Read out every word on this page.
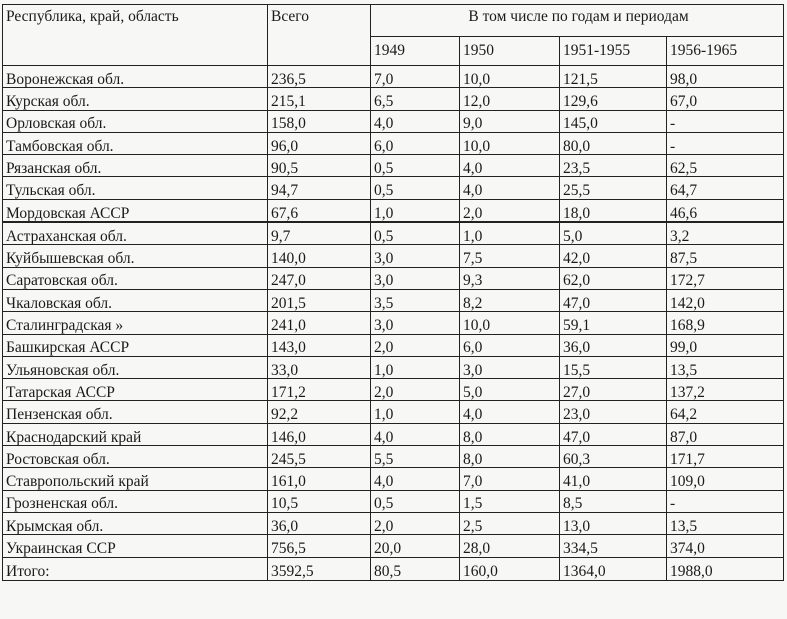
Республика, край, область	Всего	В том числе по годам и периодам			
		1949	1950	1951-1955	1956-1965
Воронежская обл.	236,5	7,0	10,0	121,5	98,0
Курская обл.	215,1	6,5	12,0	129,6	67,0
Орловская обл.	158,0	4,0	9,0	145,0	-
Тамбовская обл.	96,0	6,0	10,0	80,0	-
Рязанская обл.	90,5	0,5	4,0	23,5	62,5
Тульская обл.	94,7	0,5	4,0	25,5	64,7
Мордовская АССР	67,6	1,0	2,0	18,0	46,6
Астраханская обл.	9,7	0,5	1,0	5,0	3,2
Куйбышевская обл.	140,0	3,0	7,5	42,0	87,5
Саратовская обл.	247,0	3,0	9,3	62,0	172,7
Чкаловская обл.	201,5	3,5	8,2	47,0	142,0
Сталинградская »	241,0	3,0	10,0	59,1	168,9
Башкирская АССР	143,0	2,0	6,0	36,0	99,0
Ульяновская обл.	33,0	1,0	3,0	15,5	13,5
Татарская АССР	171,2	2,0	5,0	27,0	137,2
Пензенская обл.	92,2	1,0	4,0	23,0	64,2
Краснодарский край	146,0	4,0	8,0	47,0	87,0
Ростовская обл.	245,5	5,5	8,0	60,3	171,7
Ставропольский край	161,0	4,0	7,0	41,0	109,0
Грозненская обл.	10,5	0,5	1,5	8,5	-
Крымская обл.	36,0	2,0	2,5	13,0	13,5
Украинская ССР	756,5	20,0	28,0	334,5	374,0
Итого:	3592,5	80,5	160,0	1364,0	1988,0
